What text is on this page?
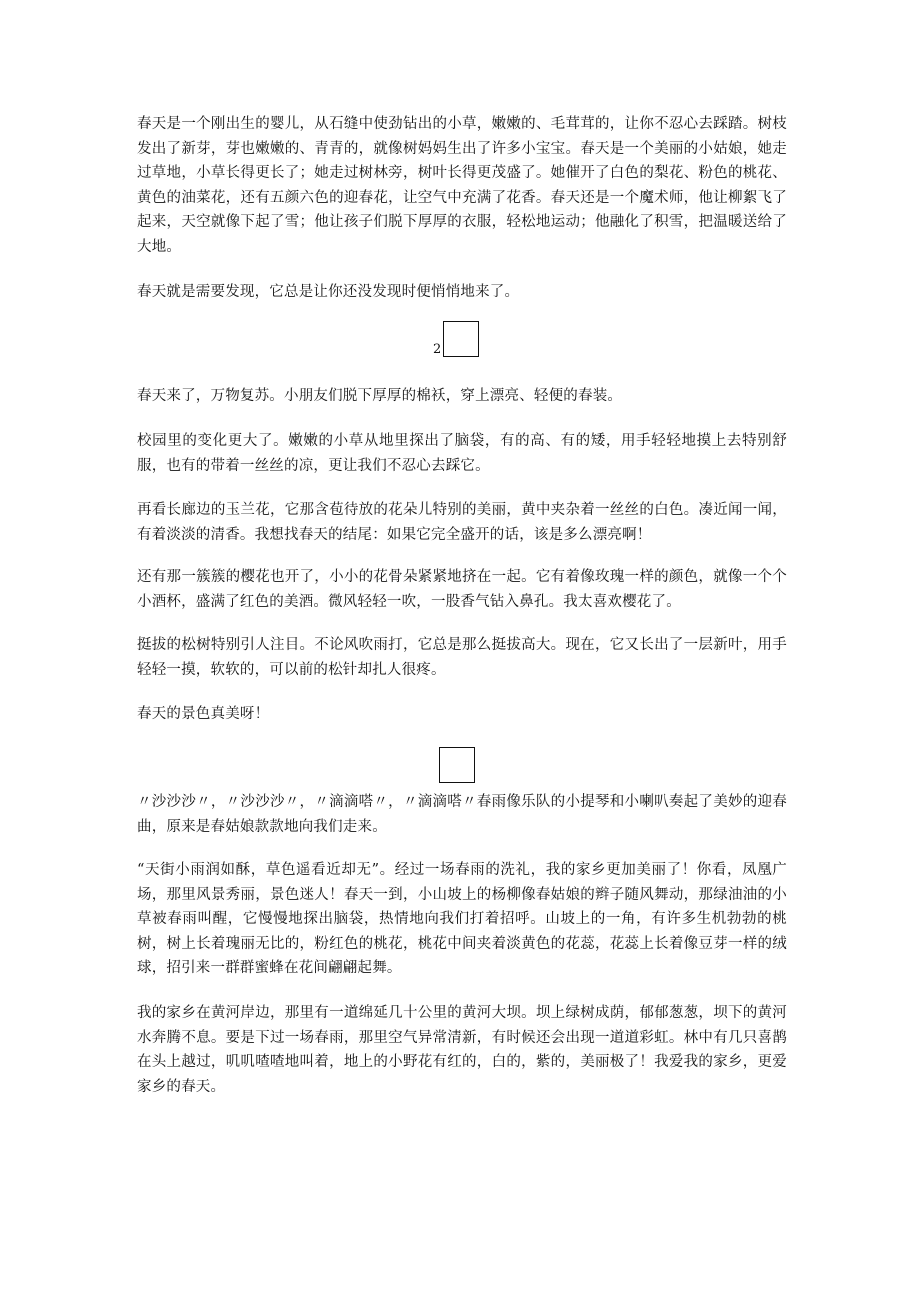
春天是一个刚出生的婴儿，从石缝中使劲钻出的小草，嫩嫩的、毛茸茸的，让你不忍心去踩踏。树枝发出了新芽，芽也嫩嫩的、青青的，就像树妈妈生出了许多小宝宝。春天是一个美丽的小姑娘，她走过草地，小草长得更长了；她走过树林旁，树叶长得更茂盛了。她催开了白色的梨花、粉色的桃花、黄色的油菜花，还有五颜六色的迎春花，让空气中充满了花香。春天还是一个魔术师，他让柳絮飞了起来，天空就像下起了雪；他让孩子们脱下厚厚的衣服，轻松地运动；他融化了积雪，把温暖送给了大地。

春天就是需要发现，它总是让你还没发现时便悄悄地来了。

2

春天来了，万物复苏。小朋友们脱下厚厚的棉袄，穿上漂亮、轻便的春装。

校园里的变化更大了。嫩嫩的小草从地里探出了脑袋，有的高、有的矮，用手轻轻地摸上去特别舒服，也有的带着一丝丝的凉，更让我们不忍心去踩它。

再看长廊边的玉兰花，它那含苞待放的花朵儿特别的美丽，黄中夹杂着一丝丝的白色。凑近闻一闻，有着淡淡的清香。我想找春天的结尾：如果它完全盛开的话，该是多么漂亮啊！

还有那一簇簇的樱花也开了，小小的花骨朵紧紧地挤在一起。它有着像玫瑰一样的颜色，就像一个个小酒杯，盛满了红色的美酒。微风轻轻一吹，一股香气钻入鼻孔。我太喜欢樱花了。

挺拔的松树特别引人注目。不论风吹雨打，它总是那么挺拔高大。现在，它又长出了一层新叶，用手轻轻一摸，软软的，可以前的松针却扎人很疼。

春天的景色真美呀！

〃沙沙沙〃，〃沙沙沙〃，〃滴滴嗒〃，〃滴滴嗒〃春雨像乐队的小提琴和小喇叭奏起了美妙的迎春曲，原来是春姑娘款款地向我们走来。

“天街小雨润如酥，草色遥看近却无”。经过一场春雨的洗礼，我的家乡更加美丽了！你看，凤凰广场，那里风景秀丽，景色迷人！春天一到，小山坡上的杨柳像春姑娘的辫子随风舞动，那绿油油的小草被春雨叫醒，它慢慢地探出脑袋，热情地向我们打着招呼。山坡上的一角，有许多生机勃勃的桃树，树上长着瑰丽无比的，粉红色的桃花，桃花中间夹着淡黄色的花蕊，花蕊上长着像豆芽一样的绒球，招引来一群群蜜蜂在花间翩翩起舞。

我的家乡在黄河岸边，那里有一道绵延几十公里的黄河大坝。坝上绿树成荫，郁郁葱葱，坝下的黄河水奔腾不息。要是下过一场春雨，那里空气异常清新，有时候还会出现一道道彩虹。林中有几只喜鹊在头上越过，叽叽喳喳地叫着，地上的小野花有红的，白的，紫的，美丽极了！我爱我的家乡，更爱家乡的春天。
